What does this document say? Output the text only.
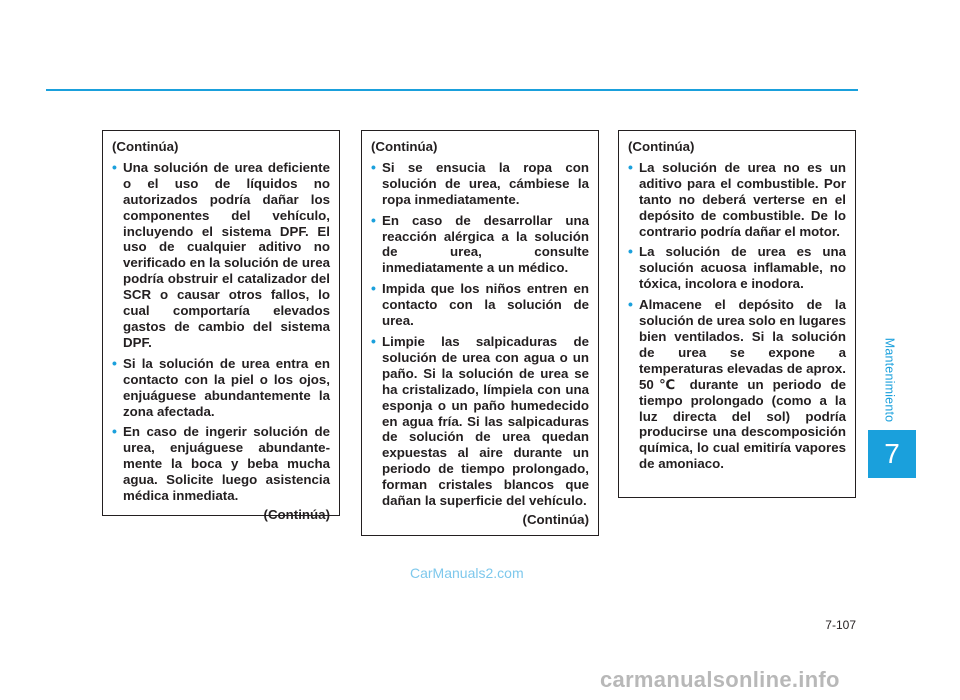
Mantenimiento
7
(Continúa)
• Una solución de urea deficiente o el uso de líquidos no autorizados podría dañar los componentes del vehículo, incluyendo el sistema DPF. El uso de cualquier aditivo no verificado en la solución de urea podría obstruir el catalizador del SCR o causar otros fallos, lo cual comportaría elevados gastos de cambio del sistema DPF.
• Si la solución de urea entra en contacto con la piel o los ojos, enjuáguese abundantemente la zona afectada.
• En caso de ingerir solución de urea, enjuáguese abundante-mente la boca y beba mucha agua. Solicite luego asistencia médica inmediata.
(Continúa)
(Continúa)
• Si se ensucia la ropa con solución de urea, cámbiese la ropa inmediatamente.
• En caso de desarrollar una reacción alérgica a la solución de urea, consulte inmediatamente a un médico.
• Impida que los niños entren en contacto con la solución de urea.
• Limpie las salpicaduras de solución de urea con agua o un paño. Si la solución de urea se ha cristalizado, límpiela con una esponja o un paño humedecido en agua fría. Si las salpicaduras de solución de urea quedan expuestas al aire durante un periodo de tiempo prolongado, forman cristales blancos que dañan la superficie del vehículo.
(Continúa)
(Continúa)
• La solución de urea no es un aditivo para el combustible. Por tanto no deberá verterse en el depósito de combustible. De lo contrario podría dañar el motor.
• La solución de urea es una solución acuosa inflamable, no tóxica, incolora e inodora.
• Almacene el depósito de la solución de urea solo en lugares bien ventilados. Si la solución de urea se expone a temperaturas elevadas de aprox. 50℃ durante un periodo de tiempo prolongado (como a la luz directa del sol) podría producirse una descomposición química, lo cual emitiría vapores de amoniaco.
7-107
CarManuals2.com
carmanualsonline.info
